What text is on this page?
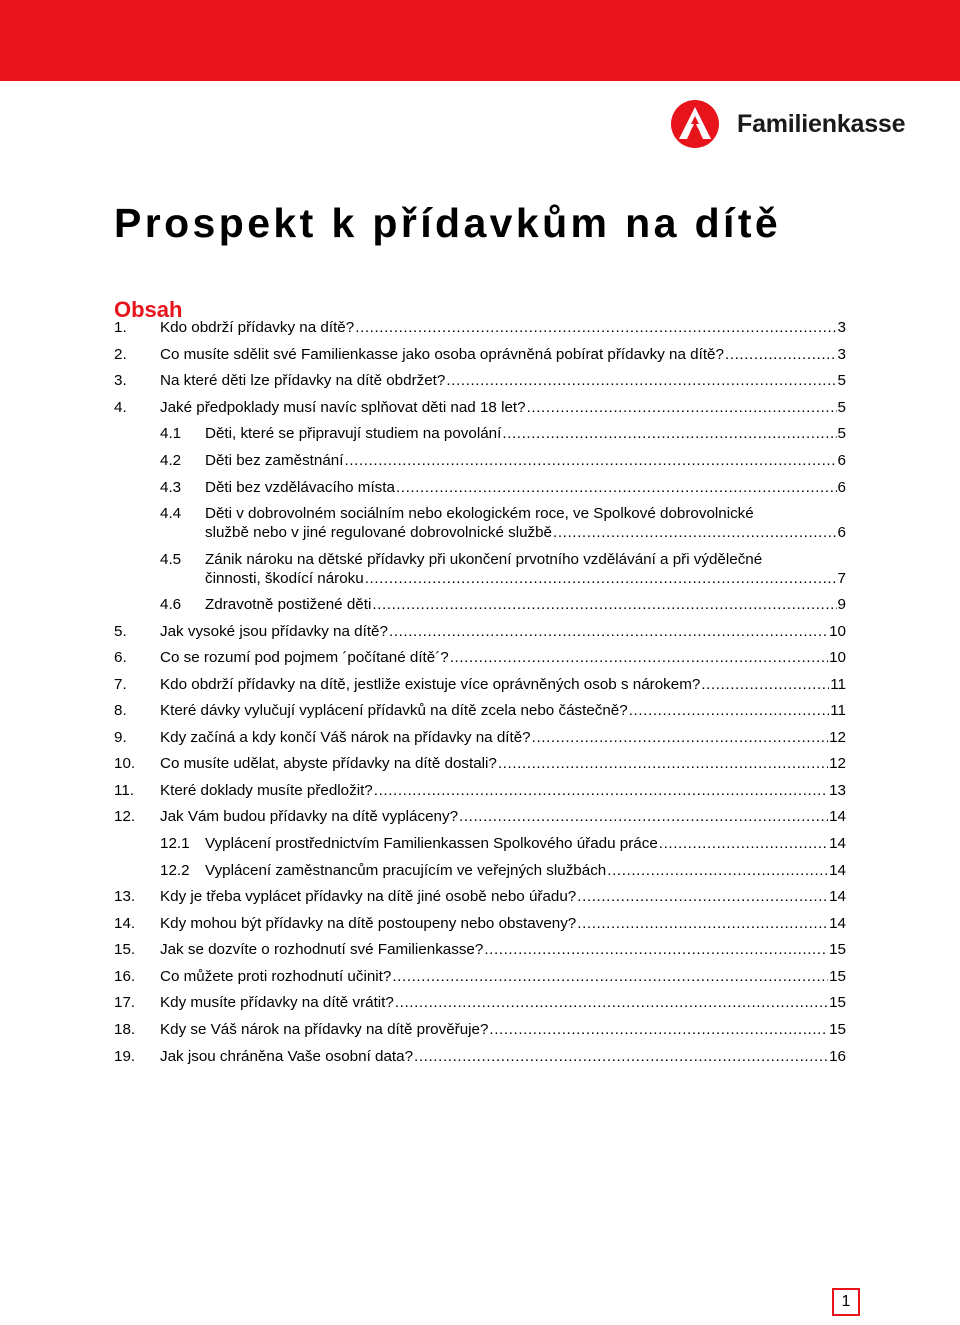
Familienkasse
Prospekt k přídavkům na dítě
Obsah
1. Kdo obdrží přídavky na dítě? .....	3
2. Co musíte sdělit své Familienkasse jako osoba oprávněná pobírat přídavky na dítě? .....	3
3. Na které děti lze přídavky na dítě obdržet? .....	5
4. Jaké předpoklady musí navíc splňovat děti nad 18 let? .....	5
4.1 Děti, které se připravují studiem na povolání .....	5
4.2 Děti bez zaměstnání .....	6
4.3 Děti bez vzdělávacího místa .....	6
4.4 Děti v dobrovolném sociálním nebo ekologickém roce, ve Spolkové dobrovolnické
službě nebo v jiné regulované dobrovolnické službě .....	6
4.5 Zánik nároku na dětské přídavky při ukončení prvotního vzdělávání a při výdělečné
činnosti, škodící nároku .....	7
4.6 Zdravotně postižené děti .....	9
5. Jak vysoké jsou přídavky na dítě? .....	10
6. Co se rozumí pod pojmem ´počítané dítě´? .....	10
7. Kdo obdrží přídavky na dítě, jestliže existuje více oprávněných osob s nárokem? .....	11
8. Které dávky vylučují vyplácení přídavků na dítě zcela nebo částečně? .....	11
9. Kdy začíná a kdy končí Váš nárok na přídavky na dítě? .....	12
10. Co musíte udělat, abyste přídavky na dítě dostali? .....	12
11. Které doklady musíte předložit? .....	13
12. Jak Vám budou přídavky na dítě vypláceny? .....	14
12.1 Vyplácení prostřednictvím Familienkassen Spolkového úřadu práce .....	14
12.2 Vyplácení zaměstnancům pracujícím ve veřejných službách .....	14
13. Kdy je třeba vyplácet přídavky na dítě jiné osobě nebo úřadu? .....	14
14. Kdy mohou být přídavky na dítě postoupeny nebo obstaveny? .....	14
15. Jak se dozvíte o rozhodnutí své Familienkasse? .....	15
16. Co můžete proti rozhodnutí učinit? .....	15
17. Kdy musíte přídavky na dítě vrátit? .....	15
18. Kdy se Váš nárok na přídavky na dítě prověřuje? .....	15
19. Jak jsou chráněna Vaše osobní data? .....	16
1
